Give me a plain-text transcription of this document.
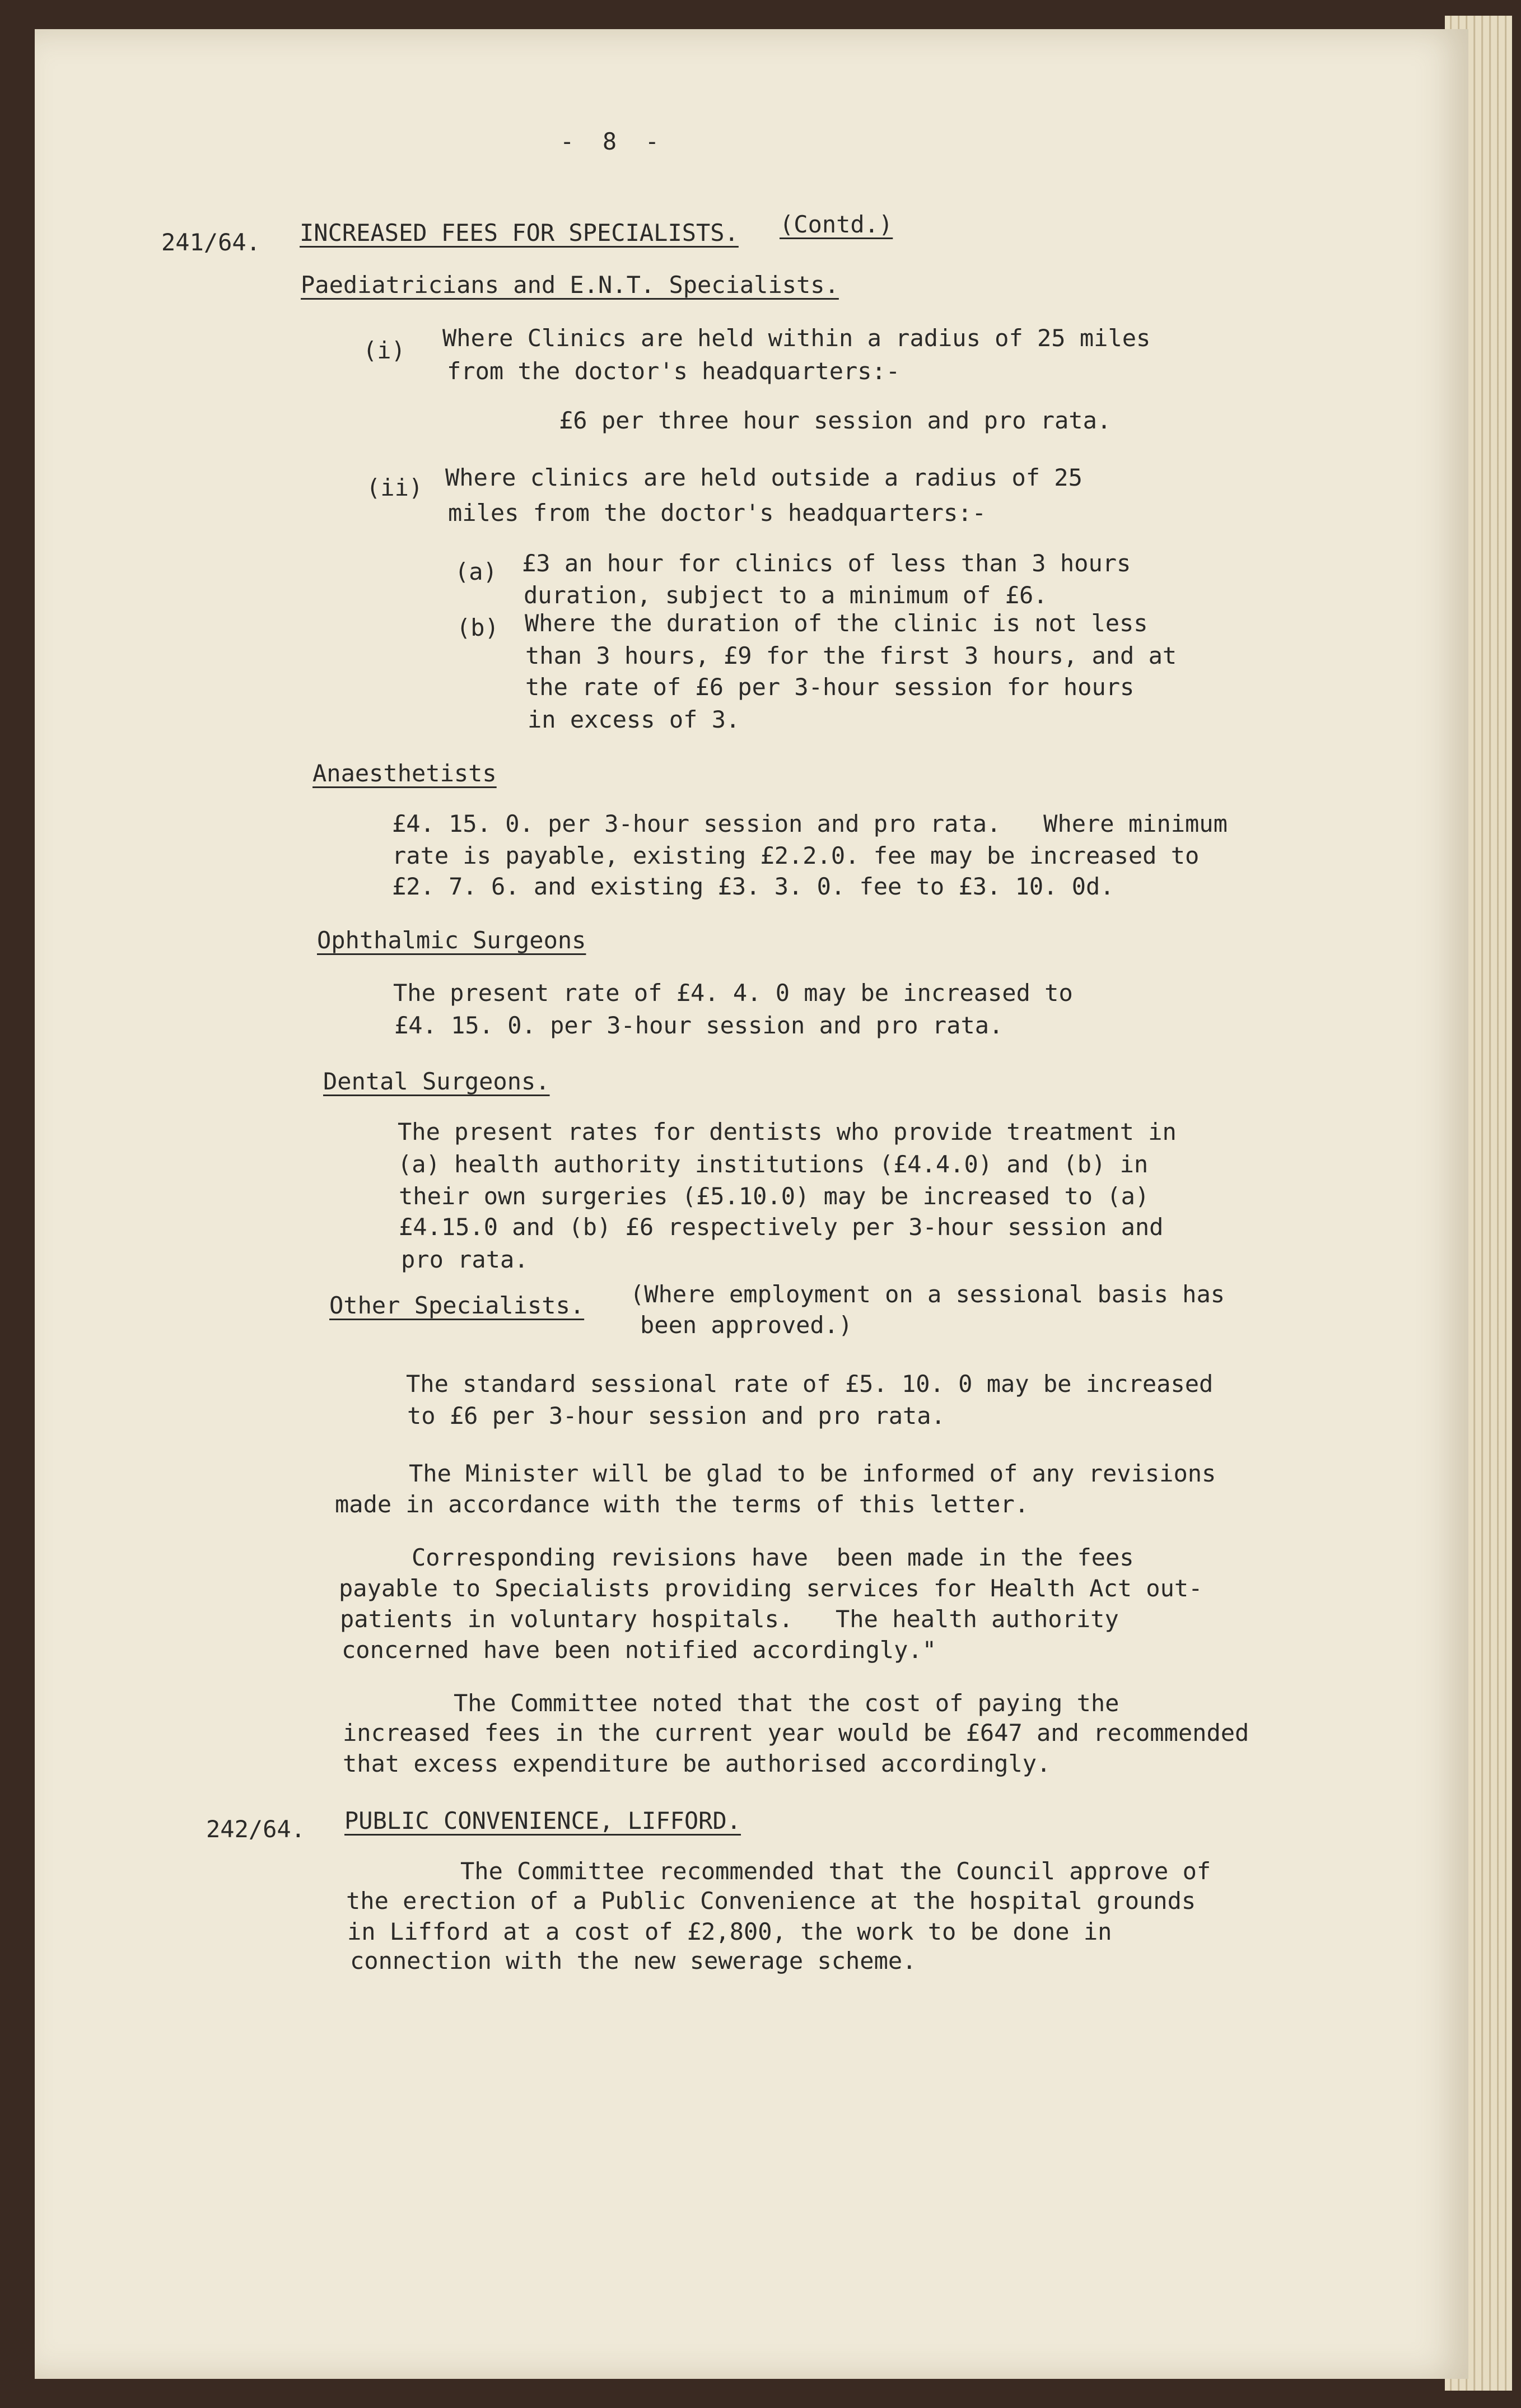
-  8  -
241/64. INCREASED FEES FOR SPECIALISTS. (Contd.)
Paediatricians and E.N.T. Specialists.
(i) Where Clinics are held within a radius of 25 miles
from the doctor's headquarters:-
£6 per three hour session and pro rata.
(ii) Where clinics are held outside a radius of 25
miles from the doctor's headquarters:-
(a) £3 an hour for clinics of less than 3 hours
duration, subject to a minimum of £6.
(b) Where the duration of the clinic is not less
than 3 hours, £9 for the first 3 hours, and at
the rate of £6 per 3-hour session for hours
in excess of 3.
Anaesthetists
£4. 15. 0. per 3-hour session and pro rata.   Where minimum
rate is payable, existing £2.2.0. fee may be increased to
£2. 7. 6. and existing £3. 3. 0. fee to £3. 10. 0d.
Ophthalmic Surgeons
The present rate of £4. 4. 0 may be increased to
£4. 15. 0. per 3-hour session and pro rata.
Dental Surgeons.
The present rates for dentists who provide treatment in
(a) health authority institutions (£4.4.0) and (b) in
their own surgeries (£5.10.0) may be increased to (a)
£4.15.0 and (b) £6 respectively per 3-hour session and
pro rata.
Other Specialists. (Where employment on a sessional basis has
been approved.)
The standard sessional rate of £5. 10. 0 may be increased
to £6 per 3-hour session and pro rata.
The Minister will be glad to be informed of any revisions
made in accordance with the terms of this letter.
Corresponding revisions have  been made in the fees
payable to Specialists providing services for Health Act out-
patients in voluntary hospitals.   The health authority
concerned have been notified accordingly."
The Committee noted that the cost of paying the
increased fees in the current year would be £647 and recommended
that excess expenditure be authorised accordingly.
242/64. PUBLIC CONVENIENCE, LIFFORD.
The Committee recommended that the Council approve of
the erection of a Public Convenience at the hospital grounds
in Lifford at a cost of £2,800, the work to be done in
connection with the new sewerage scheme.
